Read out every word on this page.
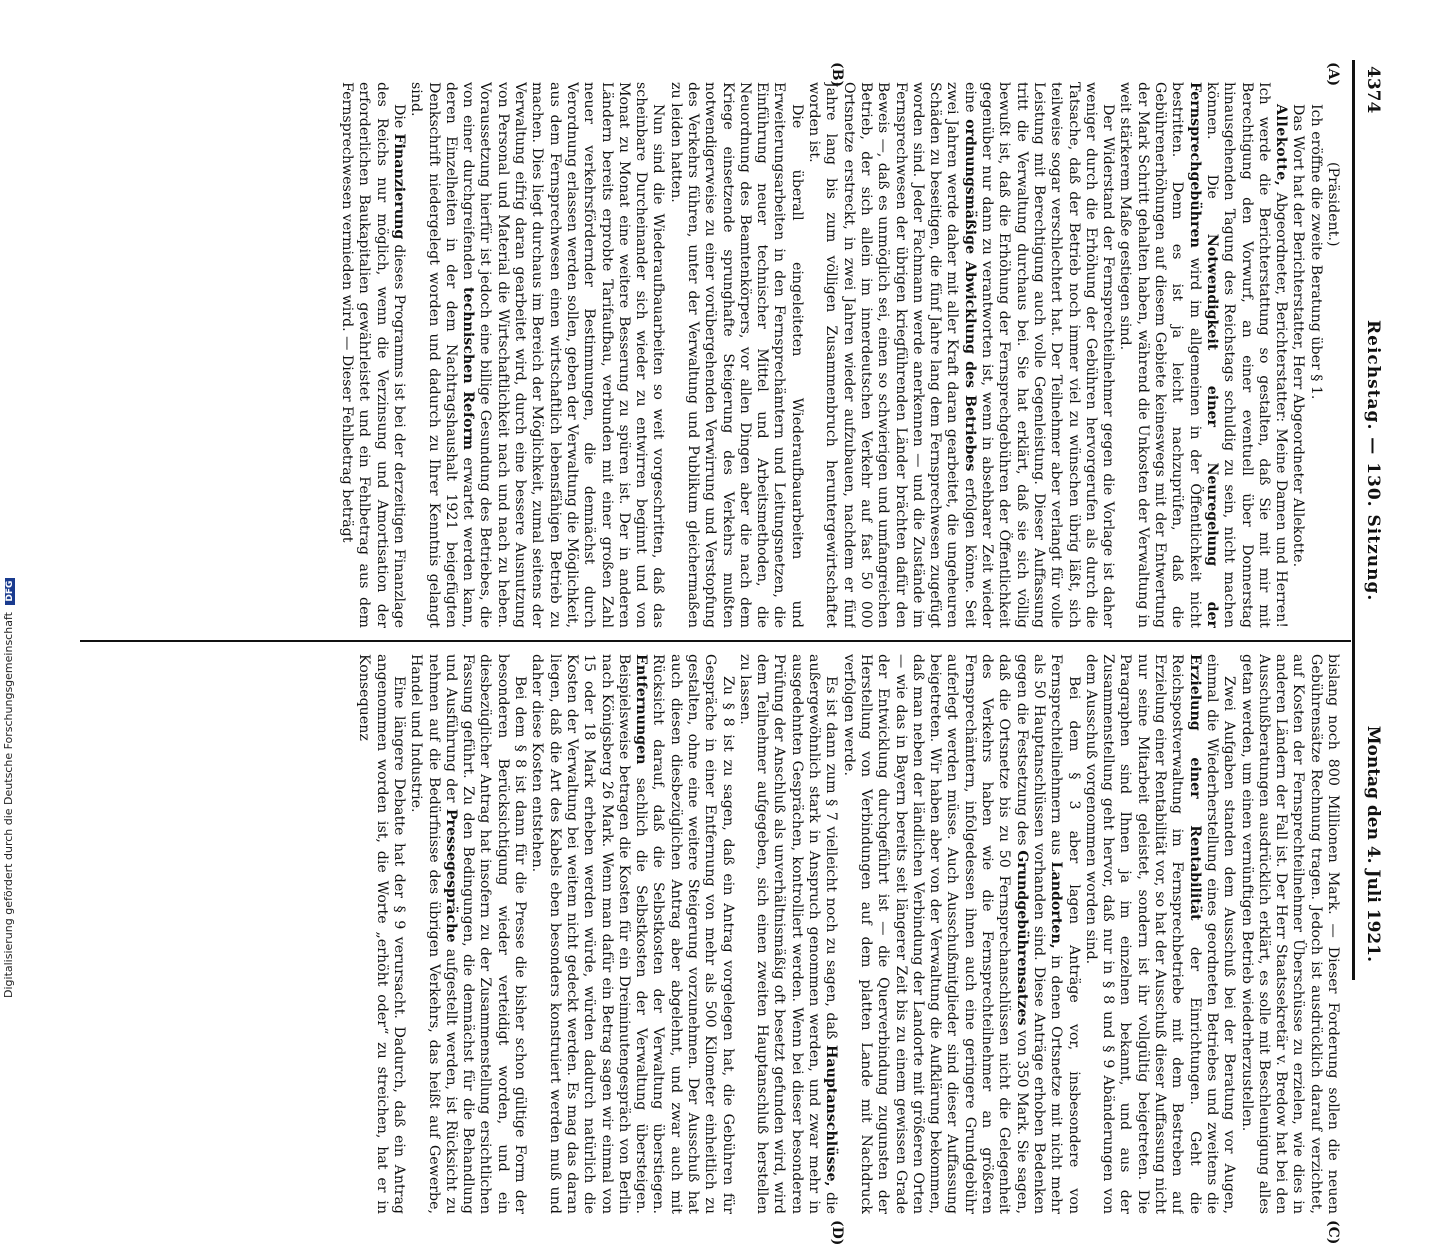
4374
Reichstag. — 130. Sitzung.
Montag den 4. Juli 1921.
(A)
(B)
(C)
(D)

(Präsident.)

Ich eröffne die zweite Beratung über § 1.

Das Wort hat der Berichterstatter, Herr Abgeordneter Allekotte.

Allekotte, Abgeordneter, Berichterstatter: Meine Damen und Herren! Ich werde die Berichterstattung so gestalten, daß Sie mit mir mit Berechtigung den Vorwurf, an einer eventuell über Donnerstag hinausgehenden Tagung des Reichstags schuldig zu sein, nicht machen können. Die Notwendigkeit einer Neuregelung der Fernsprechgebühren wird im allgemeinen in der Öffentlichkeit nicht bestritten. Denn es ist ja leicht nachzuprüfen, daß die Gebührenerhöhungen auf diesem Gebiete keineswegs mit der Entwertung der Mark Schritt gehalten haben, während die Unkosten der Verwaltung in weit stärkerem Maße gestiegen sind.

Der Widerstand der Fernsprechteilnehmer gegen die Vorlage ist daher weniger durch die Erhöhung der Gebühren hervorgerufen als durch die Tatsache, daß der Betrieb noch immer viel zu wünschen übrig läßt, sich teilweise sogar verschlechtert hat. Der Teilnehmer aber verlangt für volle Leistung mit Berechtigung auch volle Gegenleistung. Dieser Auffassung tritt die Verwaltung durchaus bei. Sie hat erklärt, daß sie sich völlig bewußt ist, daß die Erhöhung der Fernsprechgebühren der Öffentlichkeit gegenüber nur dann zu verantworten ist, wenn in absehbarer Zeit wieder eine ordnungsmäßige Abwicklung des Betriebes erfolgen könne. Seit zwei Jahren werde daher mit aller Kraft daran gearbeitet, die ungeheuren Schäden zu beseitigen, die fünf Jahre lang dem Fernsprechwesen zugefügt worden sind. Jeder Fachmann werde anerkennen — und die Zustände im Fernsprechwesen der übrigen kriegführenden Länder brächten dafür den Beweis —, daß es unmöglich sei, einen so schwierigen und umfangreichen Betrieb, der sich allein im innerdeutschen Verkehr auf fast 50 000 Ortsnetze erstreckt, in zwei Jahren wieder aufzubauen, nachdem er fünf Jahre lang bis zum völligen Zusammenbruch heruntergewirtschaftet worden ist.

Die überall eingeleiteten Wiederaufbauarbeiten und Erweiterungsarbeiten in den Fernsprechämtern und Leitungsnetzen, die Einführung neuer technischer Mittel und Arbeitsmethoden, die Neuordnung des Beamtenkörpers, vor allen Dingen aber die nach dem Kriege einsetzende sprunghafte Steigerung des Verkehrs mußten notwendigerweise zu einer vorübergehenden Verwirrung und Verstopfung des Verkehrs führen, unter der Verwaltung und Publikum gleichermaßen zu leiden hatten.

Nun sind die Wiederaufbauarbeiten so weit vorgeschritten, daß das scheinbare Durcheinander sich wieder zu entwirren beginnt und von Monat zu Monat eine weitere Besserung zu spüren ist. Der in anderen Ländern bereits erprobte Tarifaufbau, verbunden mit einer großen Zahl neuer verkehrsfördernder Bestimmungen, die demnächst durch Verordnung erlassen werden sollen, geben der Verwaltung die Möglichkeit, aus dem Fernsprechwesen einen wirtschaftlich lebensfähigen Betrieb zu machen. Dies liegt durchaus im Bereich der Möglichkeit, zumal seitens der Verwaltung eifrig daran gearbeitet wird, durch eine bessere Ausnutzung von Personal und Material die Wirtschaftlichkeit nach und nach zu heben. Voraussetzung hierfür ist jedoch eine billige Gesundung des Betriebes, die von einer durchgreifenden technischen Reform erwartet werden kann, deren Einzelheiten in der dem Nachtragshaushalt 1921 beigefügten Denkschrift niedergelegt worden und dadurch zu Ihrer Kenntnis gelangt sind.

Die Finanzierung dieses Programms ist bei der derzeitigen Finanzlage des Reichs nur möglich, wenn die Verzinsung und Amortisation der erforderlichen Baukapitalien gewährleistet und ein Fehlbetrag aus dem Fernsprechwesen vermieden wird. — Dieser Fehlbetrag beträgt

bislang noch 800 Millionen Mark. — Dieser Forderung sollen die neuen Gebührensätze Rechnung tragen. Jedoch ist ausdrücklich darauf verzichtet, auf Kosten der Fernsprechteilnehmer Überschüsse zu erzielen, wie dies in anderen Ländern der Fall ist. Der Herr Staatssekretär v. Bredow hat bei den Ausschußberatungen ausdrücklich erklärt, es solle mit Beschleunigung alles getan werden, um einen vernünftigen Betrieb wiederherzustellen.

Zwei Aufgaben standen dem Ausschuß bei der Beratung vor Augen, einmal die Wiederherstellung eines geordneten Betriebes und zweitens die Erzielung einer Rentabilität der Einrichtungen. Geht die Reichspostverwaltung im Fernsprechbetriebe mit dem Bestreben auf Erzielung einer Rentabilität vor, so hat der Ausschuß dieser Auffassung nicht nur seine Mitarbeit geleistet, sondern ist ihr vollgültig beigetreten. Die Paragraphen sind Ihnen ja im einzelnen bekannt, und aus der Zusammenstellung geht hervor, daß nur in § 8 und § 9 Abänderungen von dem Ausschuß vorgenommen worden sind.

Bei dem § 3 aber lagen Anträge vor, insbesondere von Fernsprechteilnehmern aus Landorten, in denen Ortsnetze mit nicht mehr als 50 Hauptanschlüssen vorhanden sind. Diese Anträge erhoben Bedenken gegen die Festsetzung des Grundgebührensatzes von 350 Mark. Sie sagen, daß die Ortsnetze bis zu 50 Fernsprechanschlüssen nicht die Gelegenheit des Verkehrs haben wie die Fernsprechteilnehmer an größeren Fernsprechämtern, infolgedessen ihnen auch eine geringere Grundgebühr auferlegt werden müsse. Auch Ausschußmitglieder sind dieser Auffassung beigetreten. Wir haben aber von der Verwaltung die Aufklärung bekommen, daß man neben der ländlichen Verbindung der Landorte mit größeren Orten — wie das in Bayern bereits seit längerer Zeit bis zu einem gewissen Grade der Entwicklung durchgeführt ist — die Querverbindung zugunsten der Herstellung von Verbindungen auf dem platten Lande mit Nachdruck verfolgen werde.

Es ist dann zum § 7 vielleicht noch zu sagen, daß Hauptanschlüsse, die außergewöhnlich stark in Anspruch genommen werden, und zwar mehr in ausgedehnten Gesprächen, kontrolliert werden. Wenn bei dieser besonderen Prüfung der Anschluß als unverhältnismäßig oft besetzt gefunden wird, wird dem Teilnehmer aufgegeben, sich einen zweiten Hauptanschluß herstellen zu lassen.

Zu § 8 ist zu sagen, daß ein Antrag vorgelegen hat, die Gebühren für Gespräche in einer Entfernung von mehr als 500 Kilometer einheitlich zu gestalten, ohne eine weitere Steigerung vorzunehmen. Der Ausschuß hat auch diesen diesbezüglichen Antrag aber abgelehnt, und zwar auch mit Rücksicht darauf, daß die Selbstkosten der Verwaltung überstiegen. Entfernungen sachlich die Selbstkosten der Verwaltung übersteigen. Beispielsweise betragen die Kosten für ein Dreiminutengespräch von Berlin nach Königsberg 26 Mark. Wenn man dafür ein Betrag sagen wir einmal von 15 oder 18 Mark erheben werden würde, würden dadurch natürlich die Kosten der Verwaltung bei weitem nicht gedeckt werden. Es mag das daran liegen, daß die Art des Kabels eben besonders konstruiert werden muß und daher diese Kosten entstehen.

Bei dem § 8 ist dann für die Presse die bisher schon gültige Form der besonderen Berücksichtigung wieder verteidigt worden, und ein diesbezüglicher Antrag hat insofern zu der Zusammenstellung ersichtlichen Fassung geführt. Zu den Bedingungen, die demnächst für die Behandlung und Ausführung der Pressegespräche aufgestellt werden, ist Rücksicht zu nehmen auf die Bedürfnisse des übrigen Verkehrs, das heißt auf Gewerbe, Handel und Industrie.

Eine längere Debatte hat der § 9 verursacht. Dadurch, daß ein Antrag angenommen worden ist, die Worte „erhöht oder“ zu streichen, hat er in Konsequenz

Digitalisierung gefördert durch die Deutsche Forschungsgemeinschaft DFG
